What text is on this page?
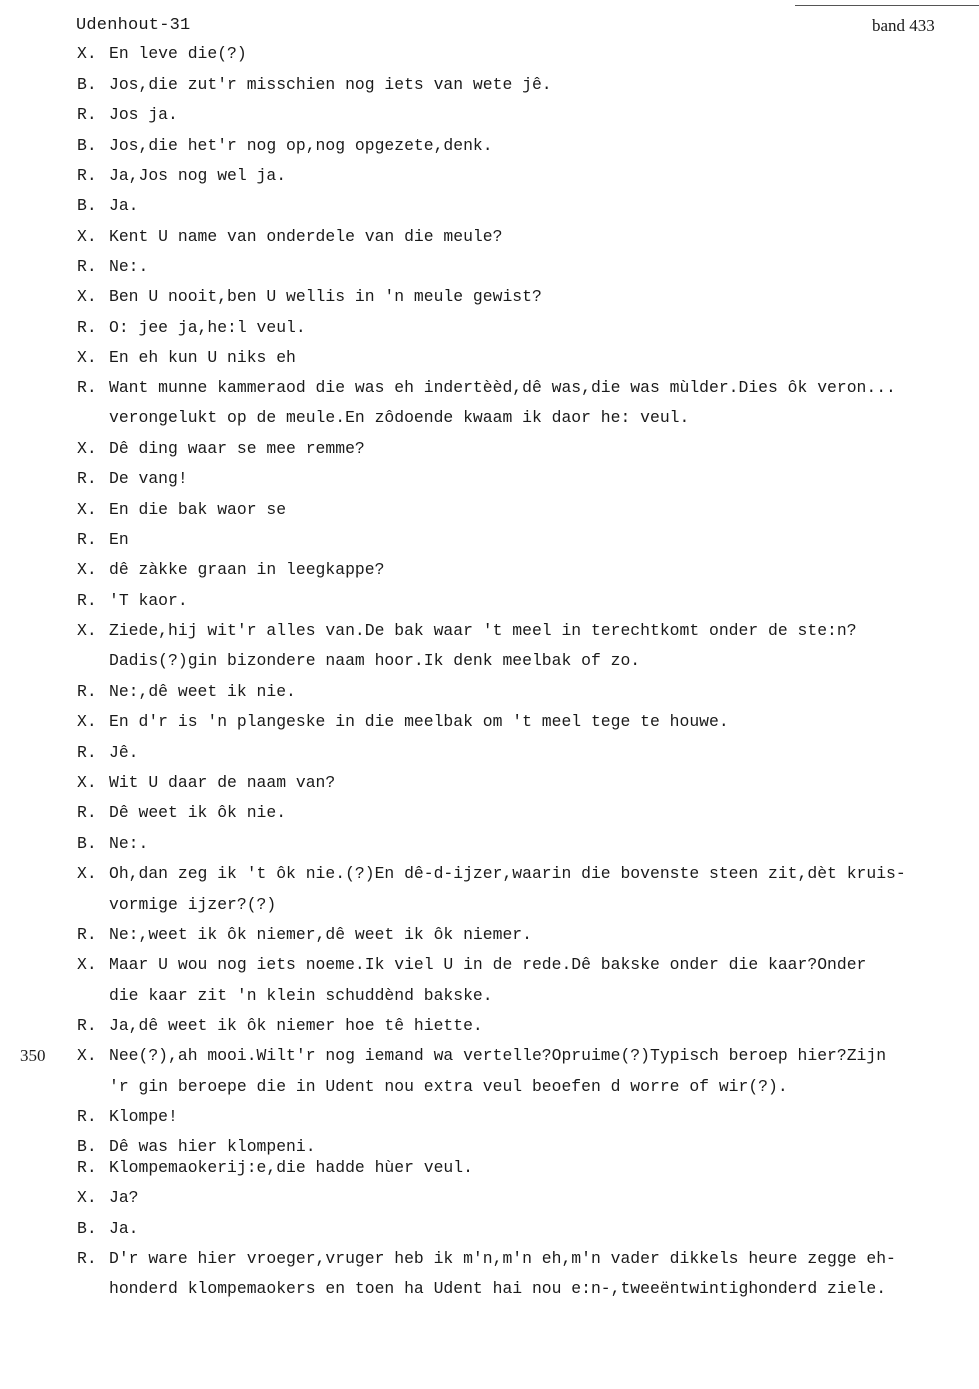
Udenhout-31	band 433
X. En leve die(?)
B. Jos,die zut'r misschien nog iets van wete jê.
R. Jos ja.
B. Jos,die het'r nog op,nog opgezete,denk.
R. Ja,Jos nog wel ja.
B. Ja.
X. Kent U name van onderdele van die meule?
R. Ne:.
X. Ben U nooit,ben U wellis in 'n meule gewist?
R. O: jee ja,he:l veul.
X. En eh kun U niks eh
R. Want munne kammeraod die was eh indertèèd,dê was,die was mùlder.Dies ôk veron...
verongelukt op de meule.En zôdoende kwaam ik daor he: veul.
X. Dê ding waar se mee remme?
R. De vang!
X. En die bak waor se
R. En
X. dê zàkke graan in leegkappe?
R. 'T kaor.
X. Ziede,hij wit'r alles van.De bak waar 't meel in terechtkomt onder de ste:n?
Dadis(?)gin bizondere naam hoor.Ik denk meelbak of zo.
R. Ne:,dê weet ik nie.
X. En d'r is 'n plangeske in die meelbak om 't meel tege te houwe.
R. Jê.
X. Wit U daar de naam van?
R. Dê weet ik ôk nie.
B. Ne:.
X. Oh,dan zeg ik 't ôk nie.(?)En dê-d-ijzer,waarin die bovenste steen zit,dèt kruis-
vormige ijzer?(?)
R. Ne:,weet ik ôk niemer,dê weet ik ôk niemer.
X. Maar U wou nog iets noeme.Ik viel U in de rede.Dê bakske onder die kaar?Onder
die kaar zit 'n klein schuddènd bakske.
R. Ja,dê weet ik ôk niemer hoe tê hiette.
X. Nee(?),ah mooi.Wilt'r nog iemand wa vertelle?Opruime(?)Typisch beroep hier?Zijn
350
'r gin beroepe die in Udent nou extra veul beoefen d worre of wir(?).
R. Klompe!
B. Dê was hier klompeni.
R. Klompemaokerij:e,die hadde hùer veul.
X. Ja?
B. Ja.
R. D'r ware hier vroeger,vruger heb ik m'n,m'n eh,m'n vader dikkels heure zegge eh-
honderd klompemaokers en toen ha Udent hai nou e:n-,tweeëntwintighonderd ziele.
